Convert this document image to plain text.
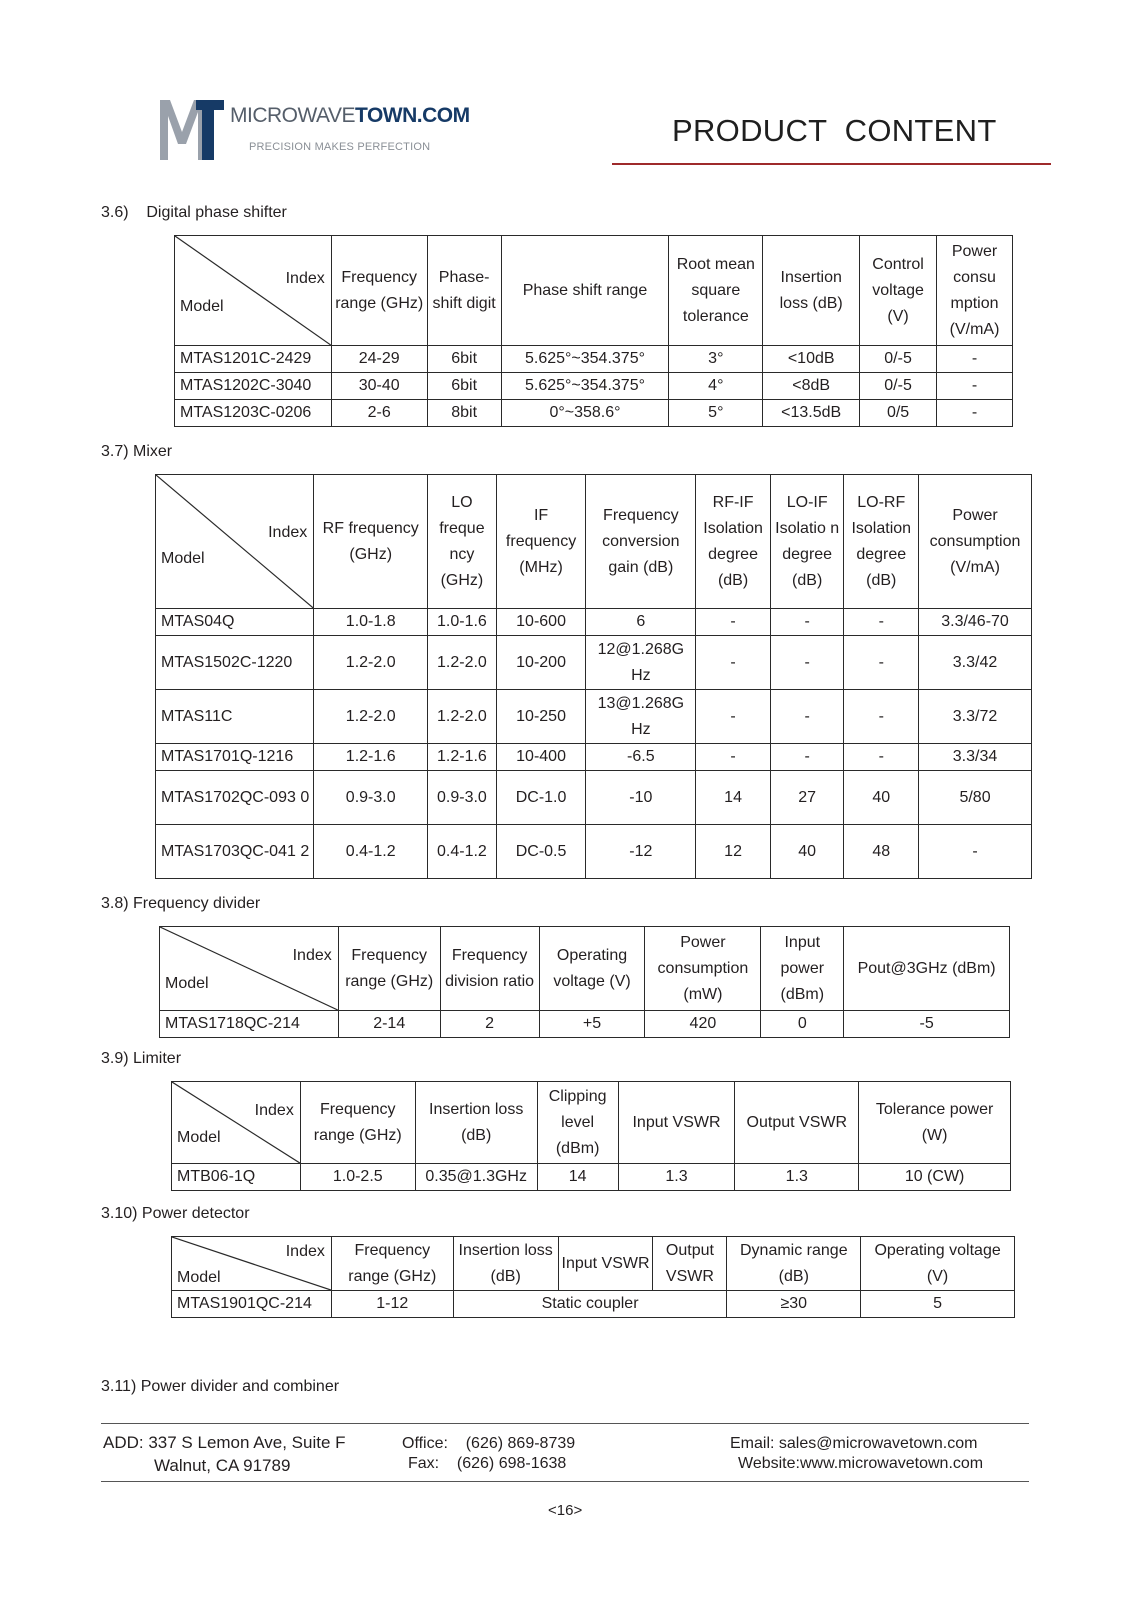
MICROWAVETOWN.COM
PRECISION MAKES PERFECTION	PRODUCT  CONTENT
3.6)    Digital phase shifter
Index
Model	Frequency range (GHz)	Phase-shift digit	Phase shift range	Root mean square tolerance	Insertion loss (dB)	Control voltage (V)	Power consu mption (V/mA)
MTAS1201C-2429	24-29	6bit	5.625°~354.375°	3°	<10dB	0/-5	-
MTAS1202C-3040	30-40	6bit	5.625°~354.375°	4°	<8dB	0/-5	-
MTAS1203C-0206	2-6	8bit	0°~358.6°	5°	<13.5dB	0/5	-
3.7) Mixer
Index
Model	RF frequency (GHz)	LO freque ncy (GHz)	IF frequency (MHz)	Frequency conversion gain (dB)	RF-IF Isolation degree (dB)	LO-IF Isolatio n degree (dB)	LO-RF Isolation degree (dB)	Power consumption (V/mA)
MTAS04Q	1.0-1.8	1.0-1.6	10-600	6	-	-	-	3.3/46-70
MTAS1502C-1220	1.2-2.0	1.2-2.0	10-200	12@1.268G Hz	-	-	-	3.3/42
MTAS11C	1.2-2.0	1.2-2.0	10-250	13@1.268G Hz	-	-	-	3.3/72
MTAS1701Q-1216	1.2-1.6	1.2-1.6	10-400	-6.5	-	-	-	3.3/34
MTAS1702QC-093 0	0.9-3.0	0.9-3.0	DC-1.0	-10	14	27	40	5/80
MTAS1703QC-041 2	0.4-1.2	0.4-1.2	DC-0.5	-12	12	40	48	-
3.8) Frequency divider
Index
Model	Frequency range (GHz)	Frequency division ratio	Operating voltage (V)	Power consumption (mW)	Input power (dBm)	Pout@3GHz (dBm)
MTAS1718QC-214	2-14	2	+5	420	0	-5
3.9) Limiter
Index
Model	Frequency range (GHz)	Insertion loss (dB)	Clipping level (dBm)	Input VSWR	Output VSWR	Tolerance power (W)
MTB06-1Q	1.0-2.5	0.35@1.3GHz	14	1.3	1.3	10 (CW)
3.10) Power detector
Index
Model	Frequency range (GHz)	Insertion loss (dB)	Input VSWR	Output VSWR	Dynamic range (dB)	Operating voltage (V)
MTAS1901QC-214	1-12	Static coupler			≥30	5
3.11) Power divider and combiner
ADD: 337 S Lemon Ave, Suite F
Walnut, CA 91789
Office:    (626) 869-8739
Fax:    (626) 698-1638
Email: sales@microwavetown.com
Website:www.microwavetown.com
<16>
